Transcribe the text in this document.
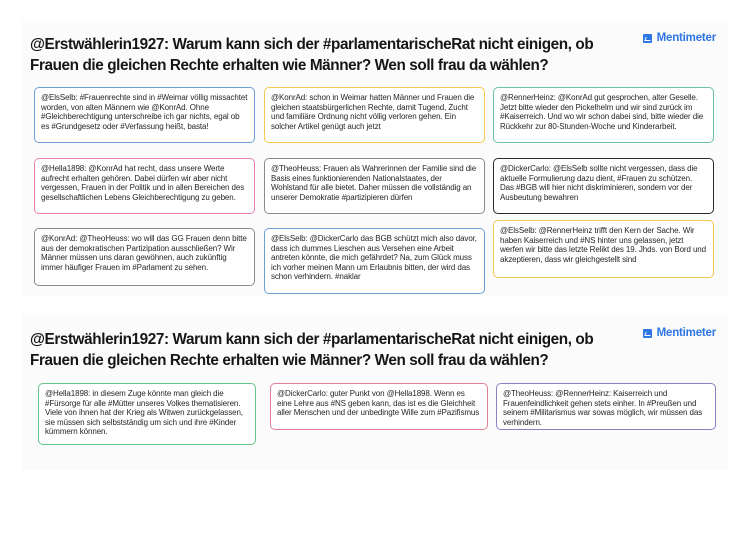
@Erstwählerin1927: Warum kann sich der #parlamentarischeRat nicht einigen, ob Frauen die gleichen Rechte erhalten wie Männer? Wen soll frau da wählen?
Mentimeter
@ElsSelb: #Frauenrechte sind in #Weimar völlig missachtet worden, von alten Männern wie @KonrAd. Ohne #Gleichberechtigung unterschreibe ich gar nichts, egal ob es #Grundgesetz oder #Verfassung heißt, basta!
@KonrAd: schon in Weimar hatten Männer und Frauen die gleichen staatsbürgerlichen Rechte, damit Tugend, Zucht und familiäre Ordnung nicht völlig verloren gehen. Ein solcher Artikel genügt auch jetzt
@RennerHeinz: @KonrAd gut gesprochen, alter Geselle. Jetzt bitte wieder den Pickelhelm und wir sind zurück im #Kaiserreich. Und wo wir schon dabei sind, bitte wieder die Rückkehr zur 80-Stunden-Woche und Kinderarbeit.
@Hella1898: @KonrAd hat recht, dass unsere Werte aufrecht erhalten gehören. Dabei dürfen wir aber nicht vergessen, Frauen in der Politik und in allen Bereichen des gesellschaftlichen Lebens Gleichberechtigung zu geben.
@TheoHeuss: Frauen als Wahrerinnen der Familie sind die Basis eines funktionierenden Nationalstaates, der Wohlstand für alle bietet. Daher müssen die vollständig an unserer Demokratie #partizipieren dürfen
@DickerCarlo: @ElsSelb sollte nicht vergessen, dass die aktuelle Formulierung dazu dient, #Frauen zu schützen. Das #BGB will hier nicht diskriminieren, sondern vor der Ausbeutung bewahren
@KonrAd: @TheoHeuss: wo will das GG Frauen denn bitte aus der demokratischen Partizipation ausschließen? Wir Männer müssen uns daran gewöhnen, auch zukünftig immer häufiger Frauen im #Parlament zu sehen.
@ElsSelb: @DickerCarlo das BGB schützt mich also davor, dass ich dummes Lieschen aus Versehen eine Arbeit antreten könnte, die mich gefährdet? Na, zum Glück muss ich vorher meinen Mann um Erlaubnis bitten, der wird das schon verhindern. #naklar
@ElsSelb: @RennerHeinz trifft den Kern der Sache. Wir haben Kaiserreich und #NS hinter uns gelassen, jetzt werfen wir bitte das letzte Relikt des 19. Jhds. von Bord und akzeptieren, dass wir gleichgestellt sind
@Erstwählerin1927: Warum kann sich der #parlamentarischeRat nicht einigen, ob Frauen die gleichen Rechte erhalten wie Männer? Wen soll frau da wählen?
Mentimeter
@Hella1898: in diesem Zuge könnte man gleich die #Fürsorge für alle #Mütter unseres Volkes thematisieren. Viele von ihnen hat der Krieg als Witwen zurückgelassen, sie müssen sich selbstständig um sich und ihre #Kinder kümmern können.
@DickerCarlo: guter Punkt von @Hella1898. Wenn es eine Lehre aus #NS geben kann, das ist es die Gleichheit aller Menschen und der unbedingte Wille zum #Pazifismus
@TheoHeuss: @RennerHeinz: Kaiserreich und Frauenfeindlichkeit gehen stets einher. In #Preußen und seinem #Militarismus war sowas möglich, wir müssen das verhindern.
